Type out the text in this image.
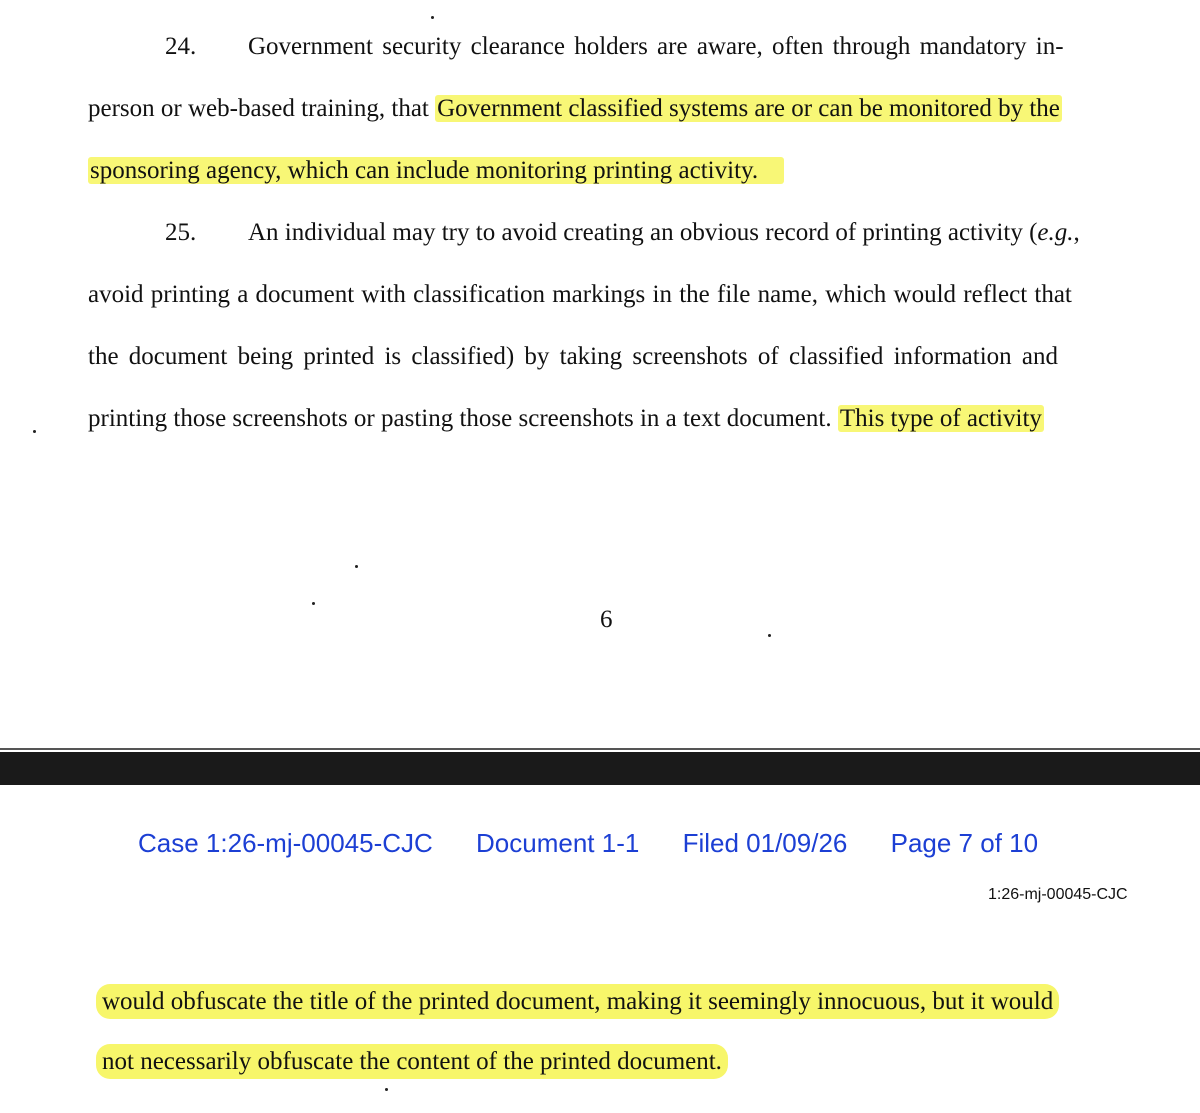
24. Government security clearance holders are aware, often through mandatory in-
person or web-based training, that Government classified systems are or can be monitored by the
sponsoring agency, which can include monitoring printing activity.
25. An individual may try to avoid creating an obvious record of printing activity (e.g.,
avoid printing a document with classification markings in the file name, which would reflect that
the document being printed is classified) by taking screenshots of classified information and
printing those screenshots or pasting those screenshots in a text document. This type of activity
6
Case 1:26-mj-00045-CJC Document 1-1 Filed 01/09/26 Page 7 of 10
1:26-mj-00045-CJC
would obfuscate the title of the printed document, making it seemingly innocuous, but it would
not necessarily obfuscate the content of the printed document.
